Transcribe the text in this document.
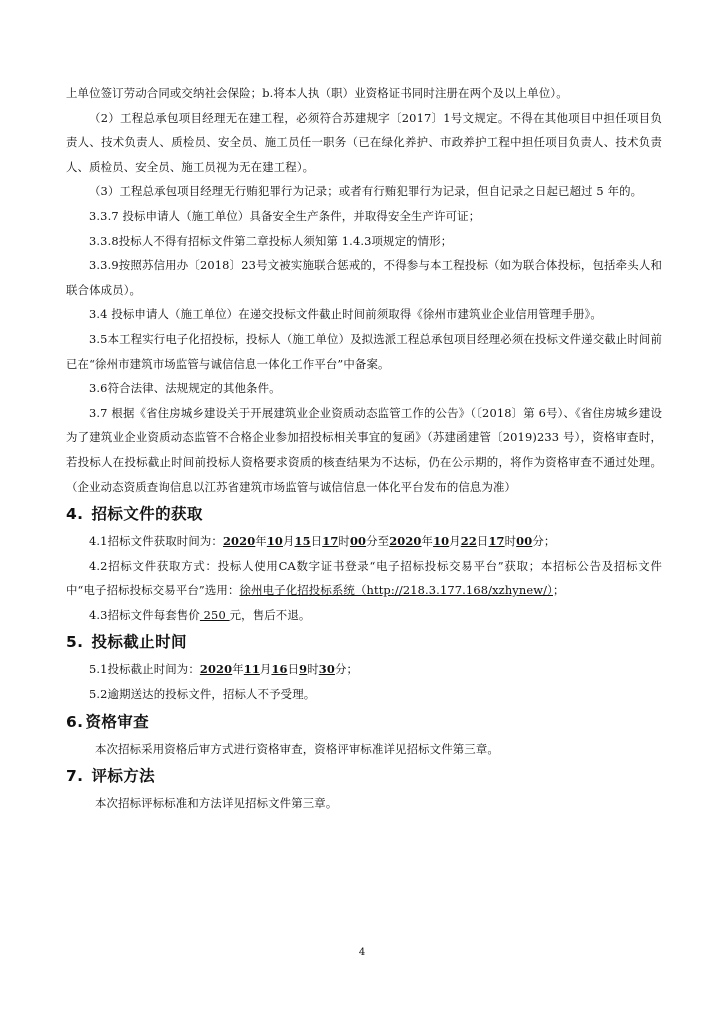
上单位签订劳动合同或交纳社会保险；b.将本人执（职）业资格证书同时注册在两个及以上单位）。

（2）工程总承包项目经理无在建工程，必须符合苏建规字〔2017〕1号文规定。不得在其他项目中担任项目负责人、技术负责人、质检员、安全员、施工员任一职务（已在绿化养护、市政养护工程中担任项目负责人、技术负责人、质检员、安全员、施工员视为无在建工程）。

（3）工程总承包项目经理无行贿犯罪行为记录；或者有行贿犯罪行为记录，但自记录之日起已超过 5 年的。

3.3.7 投标申请人（施工单位）具备安全生产条件，并取得安全生产许可证；

3.3.8投标人不得有招标文件第二章投标人须知第 1.4.3项规定的情形；

3.3.9按照苏信用办〔2018〕23号文被实施联合惩戒的，不得参与本工程投标（如为联合体投标，包括牵头人和联合体成员）。

3.4 投标申请人（施工单位）在递交投标文件截止时间前须取得《徐州市建筑业企业信用管理手册》。

3.5本工程实行电子化招投标，投标人（施工单位）及拟选派工程总承包项目经理必须在投标文件递交截止时间前已在“徐州市建筑市场监管与诚信信息一体化工作平台”中备案。

3.6符合法律、法规规定的其他条件。

3.7 根据《省住房城乡建设关于开展建筑业企业资质动态监管工作的公告》（〔2018〕第 6号）、《省住房城乡建设为了建筑业企业资质动态监管不合格企业参加招投标相关事宜的复函》（苏建函建管〔2019)233 号），资格审查时，若投标人在投标截止时间前投标人资格要求资质的核查结果为不达标，仍在公示期的，将作为资格审查不通过处理。（企业动态资质查询信息以江苏省建筑市场监管与诚信信息一体化平台发布的信息为准）

4. 招标文件的获取

4.1招标文件获取时间为：2020年10月15日17时00分至2020年10月22日17时00分；

4.2招标文件获取方式：投标人使用CA数字证书登录“电子招标投标交易平台”获取；本招标公告及招标文件中“电子招标投标交易平台”选用：徐州电子化招投标系统（http://218.3.177.168/xzhynew/）；

4.3招标文件每套售价 250 元，售后不退。

5. 投标截止时间

5.1投标截止时间为：2020年11月16日9时30分；

5.2逾期送达的投标文件，招标人不予受理。

6. 资格审查

本次招标采用资格后审方式进行资格审查，资格评审标准详见招标文件第三章。

7. 评标方法

本次招标评标标准和方法详见招标文件第三章。

4
